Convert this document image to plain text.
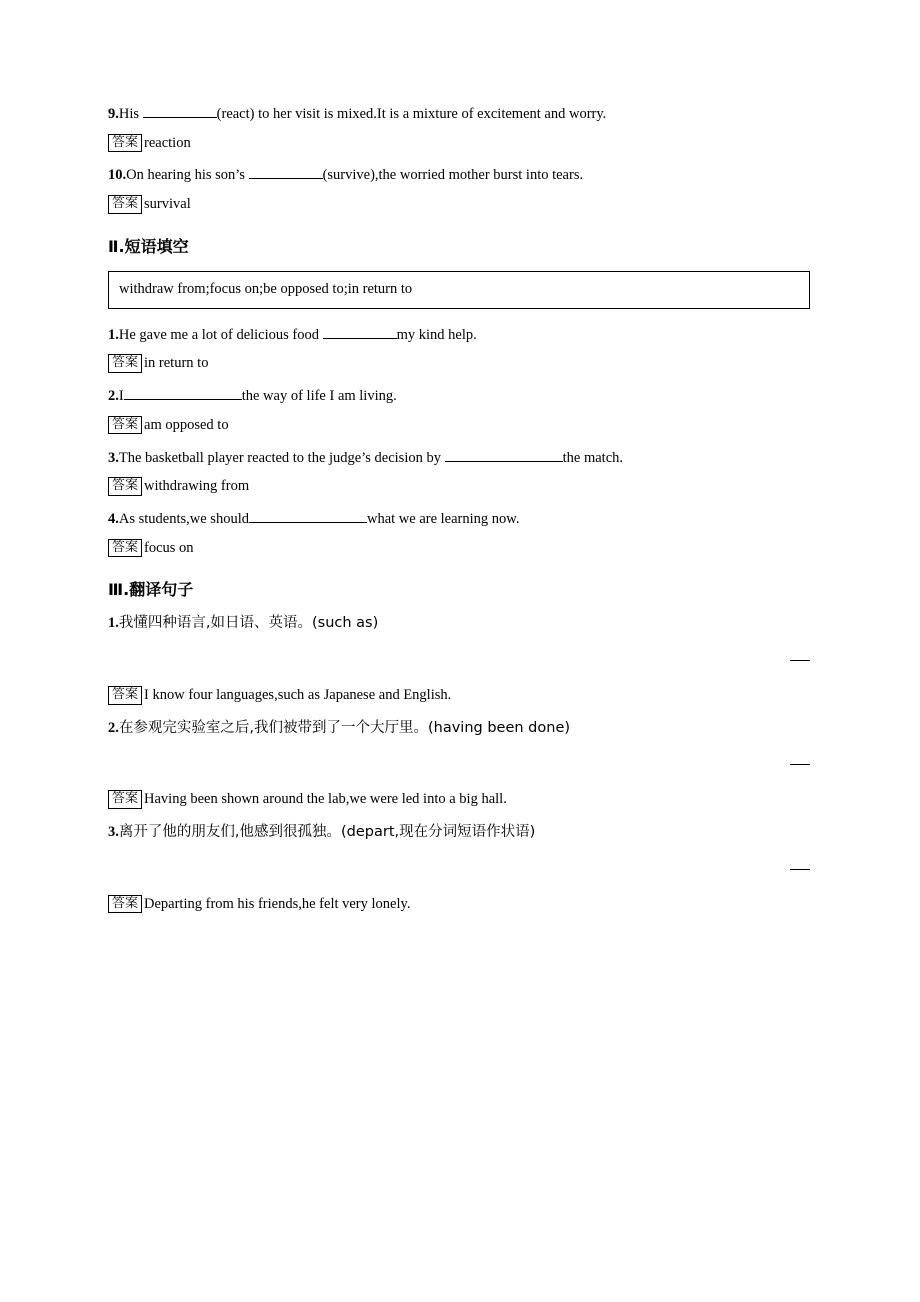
9.His	(react) to her visit is mixed.It is a mixture of excitement and worry.

答案 reaction

10.On hearing his son’s	(survive),the worried mother burst into tears.

答案 survival

Ⅱ.短语填空
withdraw from;focus on;be opposed to;in return to

1.He gave me a lot of delicious food	my kind help.

答案 in return to

2.I	the way of life I am living.

答案 am opposed to

3.The basketball player reacted to the judge’s decision by	the match.

答案 withdrawing from

4.As students,we should	what we are learning now.

答案 focus on

Ⅲ.翻译句子

1.我懂四种语言,如日语、英语。(such as)

答案 I know four languages,such as Japanese and English.

2.在参观完实验室之后,我们被带到了一个大厅里。(having been done)

答案 Having been shown around the lab,we were led into a big hall.

3.离开了他的朋友们,他感到很孤独。(depart,现在分词短语作状语)

答案 Departing from his friends,he felt very lonely.
